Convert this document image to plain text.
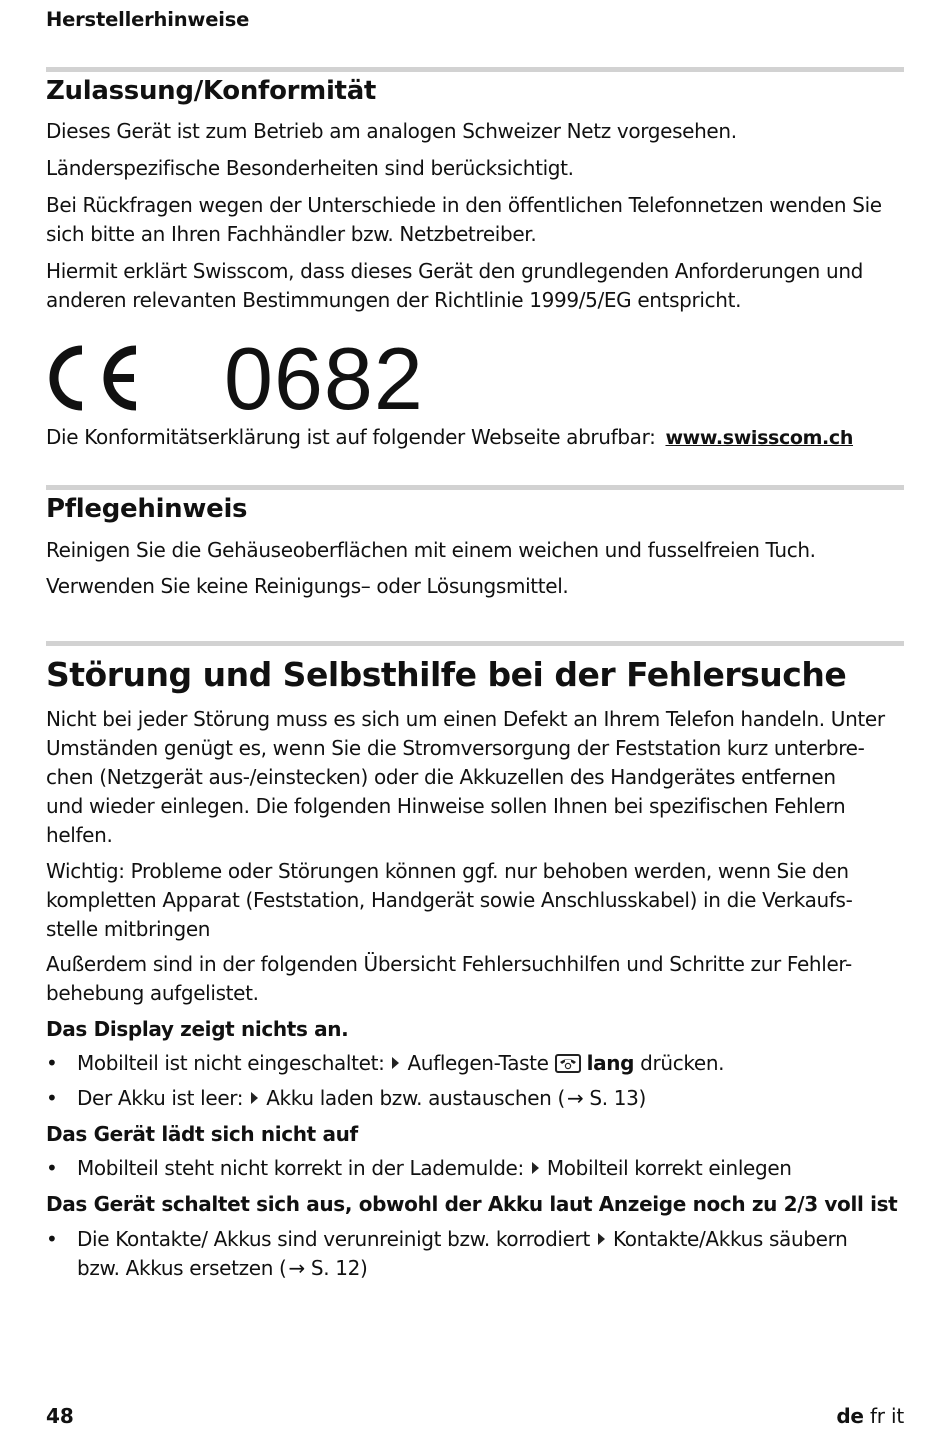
Herstellerhinweise
Zulassung/Konformität

Dieses Gerät ist zum Betrieb am analogen Schweizer Netz vorgesehen.

Länderspezifische Besonderheiten sind berücksichtigt.

Bei Rückfragen wegen der Unterschiede in den öffentlichen Telefonnetzen wenden Sie sich bitte an Ihren Fachhändler bzw. Netzbetreiber.

Hiermit erklärt Swisscom, dass dieses Gerät den grundlegenden Anforderungen und anderen relevanten Bestimmungen der Richtlinie 1999/5/EG entspricht.

0682

Die Konformitätserklärung ist auf folgender Webseite abrufbar: www.swisscom.ch

Pflegehinweis

Reinigen Sie die Gehäuseoberflächen mit einem weichen und fusselfreien Tuch.

Verwenden Sie keine Reinigungs– oder Lösungsmittel.

Störung und Selbsthilfe bei der Fehlersuche
Nicht bei jeder Störung muss es sich um einen Defekt an Ihrem Telefon handeln. Unter
Umständen genügt es, wenn Sie die Stromversorgung der Feststation kurz unterbre-
chen (Netzgerät aus-/einstecken) oder die Akkuzellen des Handgerätes entfernen
und wieder einlegen. Die folgenden Hinweise sollen Ihnen bei spezifischen Fehlern
helfen.
Wichtig: Probleme oder Störungen können ggf. nur behoben werden, wenn Sie den
kompletten Apparat (Feststation, Handgerät sowie Anschlusskabel) in die Verkaufs-
stelle mitbringen
Außerdem sind in der folgenden Übersicht Fehlersuchhilfen und Schritte zur Fehler-
behebung aufgelistet.
Das Display zeigt nichts an.
• Mobilteil ist nicht eingeschaltet: Auflegen-Taste lang drücken.
• Der Akku ist leer: Akku laden bzw. austauschen ( → S. 13)
Das Gerät lädt sich nicht auf
• Mobilteil steht nicht korrekt in der Lademulde: Mobilteil korrekt einlegen
Das Gerät schaltet sich aus, obwohl der Akku laut Anzeige noch zu 2/3 voll ist
• Die Kontakte/ Akkus sind verunreinigt bzw. korrodiert Kontakte/Akkus säubern
bzw. Akkus ersetzen ( → S. 12)
48	de fr it
